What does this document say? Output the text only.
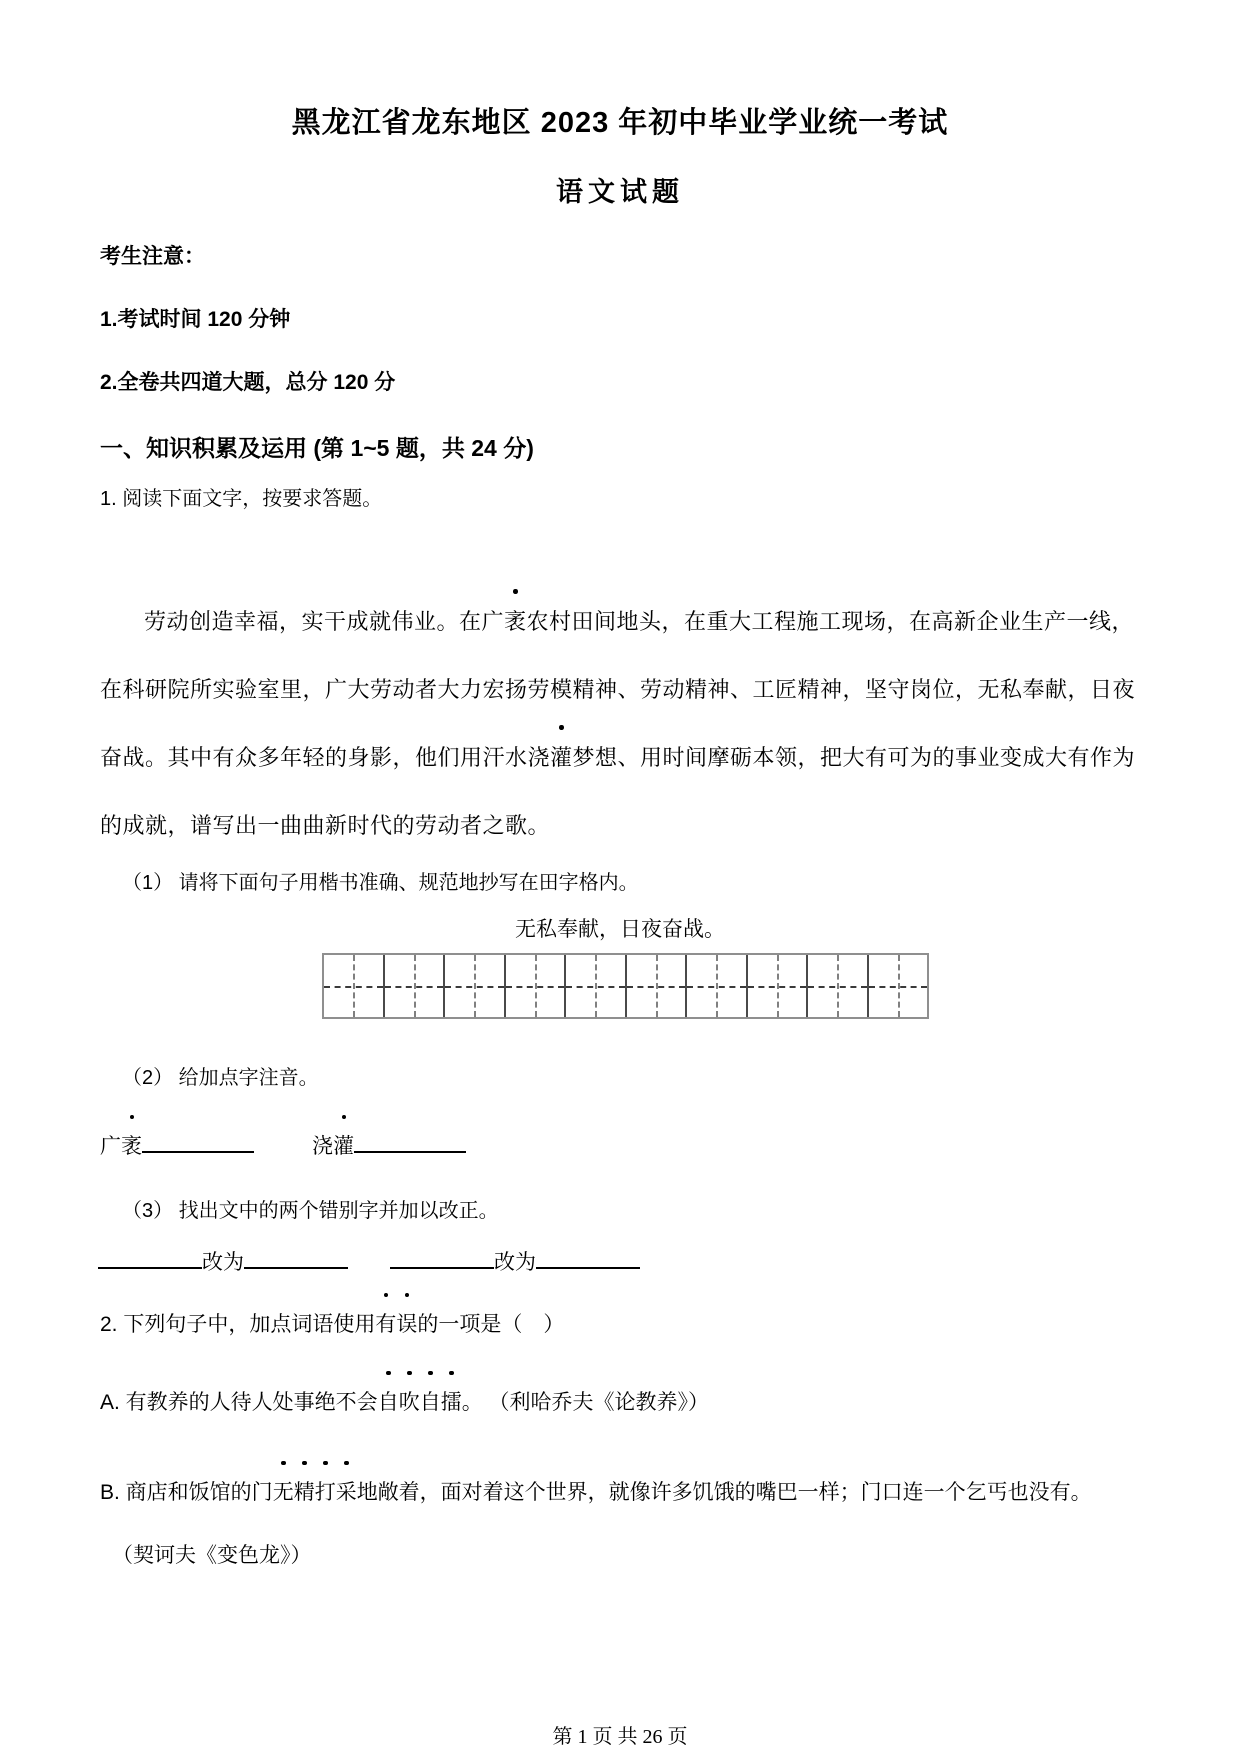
黑龙江省龙东地区 2023 年初中毕业学业统一考试
语文试题
考生注意：
1.考试时间 120 分钟
2.全卷共四道大题，总分 120 分
一、知识积累及运用 (第 1~5 题，共 24 分)
1. 阅读下面文字，按要求答题。
劳动创造幸福，实干成就伟业。在广袤农村田间地头，在重大工程施工现场，在高新企业生产一线，
在科研院所实验室里，广大劳动者大力宏扬劳模精神、劳动精神、工匠精神，坚守岗位，无私奉献，日夜
奋战。其中有众多年轻的身影，他们用汗水浇灌梦想、用时间摩砺本领，把大有可为的事业变成大有作为
的成就，谱写出一曲曲新时代的劳动者之歌。
（1） 请将下面句子用楷书准确、规范地抄写在田字格内。
无私奉献，日夜奋战。
（2） 给加点字注音。
广袤	浇灌
（3） 找出文中的两个错别字并加以改正。
改为	改为
2. 下列句子中，加点词语使用有误的一项是（　）
A. 有教养的人待人处事绝不会自吹自擂。 （利哈乔夫《论教养》）
B. 商店和饭馆的门无精打采地敞着，面对着这个世界，就像许多饥饿的嘴巴一样；门口连一个乞丐也没有。
（契诃夫《变色龙》）
第 1 页 共 26 页
